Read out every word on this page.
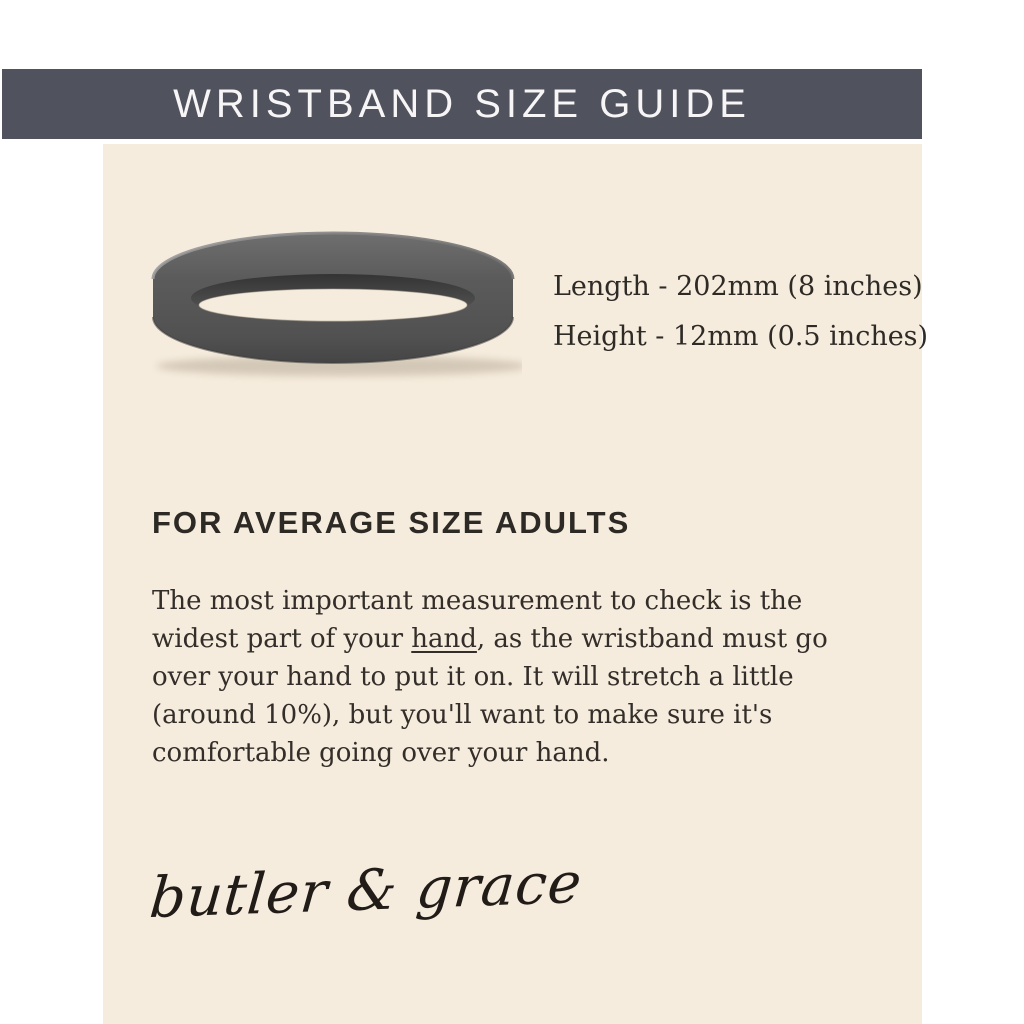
WRISTBAND SIZE GUIDE
Length - 202mm (8 inches)
Height - 12mm (0.5 inches)
FOR AVERAGE SIZE ADULTS

The most important measurement to check is the
widest part of your hand, as the wristband must go
over your hand to put it on. It will stretch a little
(around 10%), but you'll want to make sure it's
comfortable going over your hand.

butler & grace
